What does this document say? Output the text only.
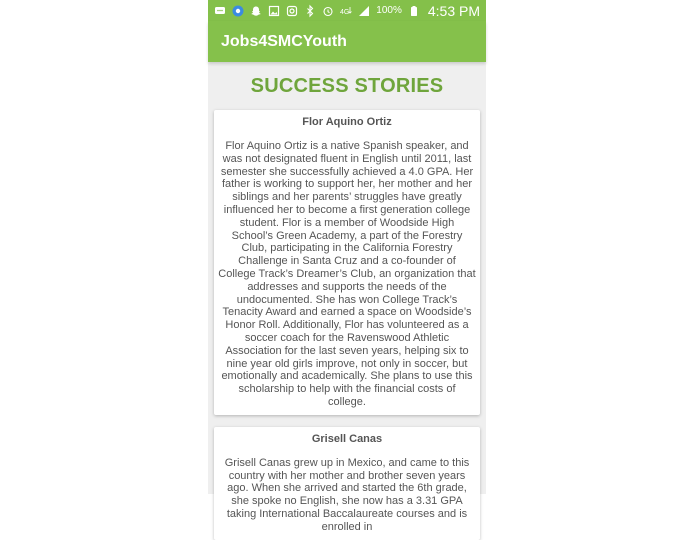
4G	100% 4:53 PM
Jobs4SMCYouth
SUCCESS STORIES
Flor Aquino Ortiz
Flor Aquino Ortiz is a native Spanish speaker, and was not designated fluent in English until 2011, last semester she successfully achieved a 4.0 GPA. Her father is working to support her, her mother and her siblings and her parents’ struggles have greatly influenced her to become a first generation college student. Flor is a member of Woodside High School’s Green Academy, a part of the Forestry Club, participating in the California Forestry Challenge in Santa Cruz and a co-founder of College Track’s Dreamer’s Club, an organization that addresses and supports the needs of the undocumented. She has won College Track’s Tenacity Award and earned a space on Woodside’s Honor Roll. Additionally, Flor has volunteered as a soccer coach for the Ravenswood Athletic Association for the last seven years, helping six to nine year old girls improve, not only in soccer, but emotionally and academically. She plans to use this scholarship to help with the financial costs of college.
Grisell Canas
Grisell Canas grew up in Mexico, and came to this country with her mother and brother seven years ago. When she arrived and started the 6th grade, she spoke no English, she now has a 3.31 GPA taking International Baccalaureate courses and is enrolled in
